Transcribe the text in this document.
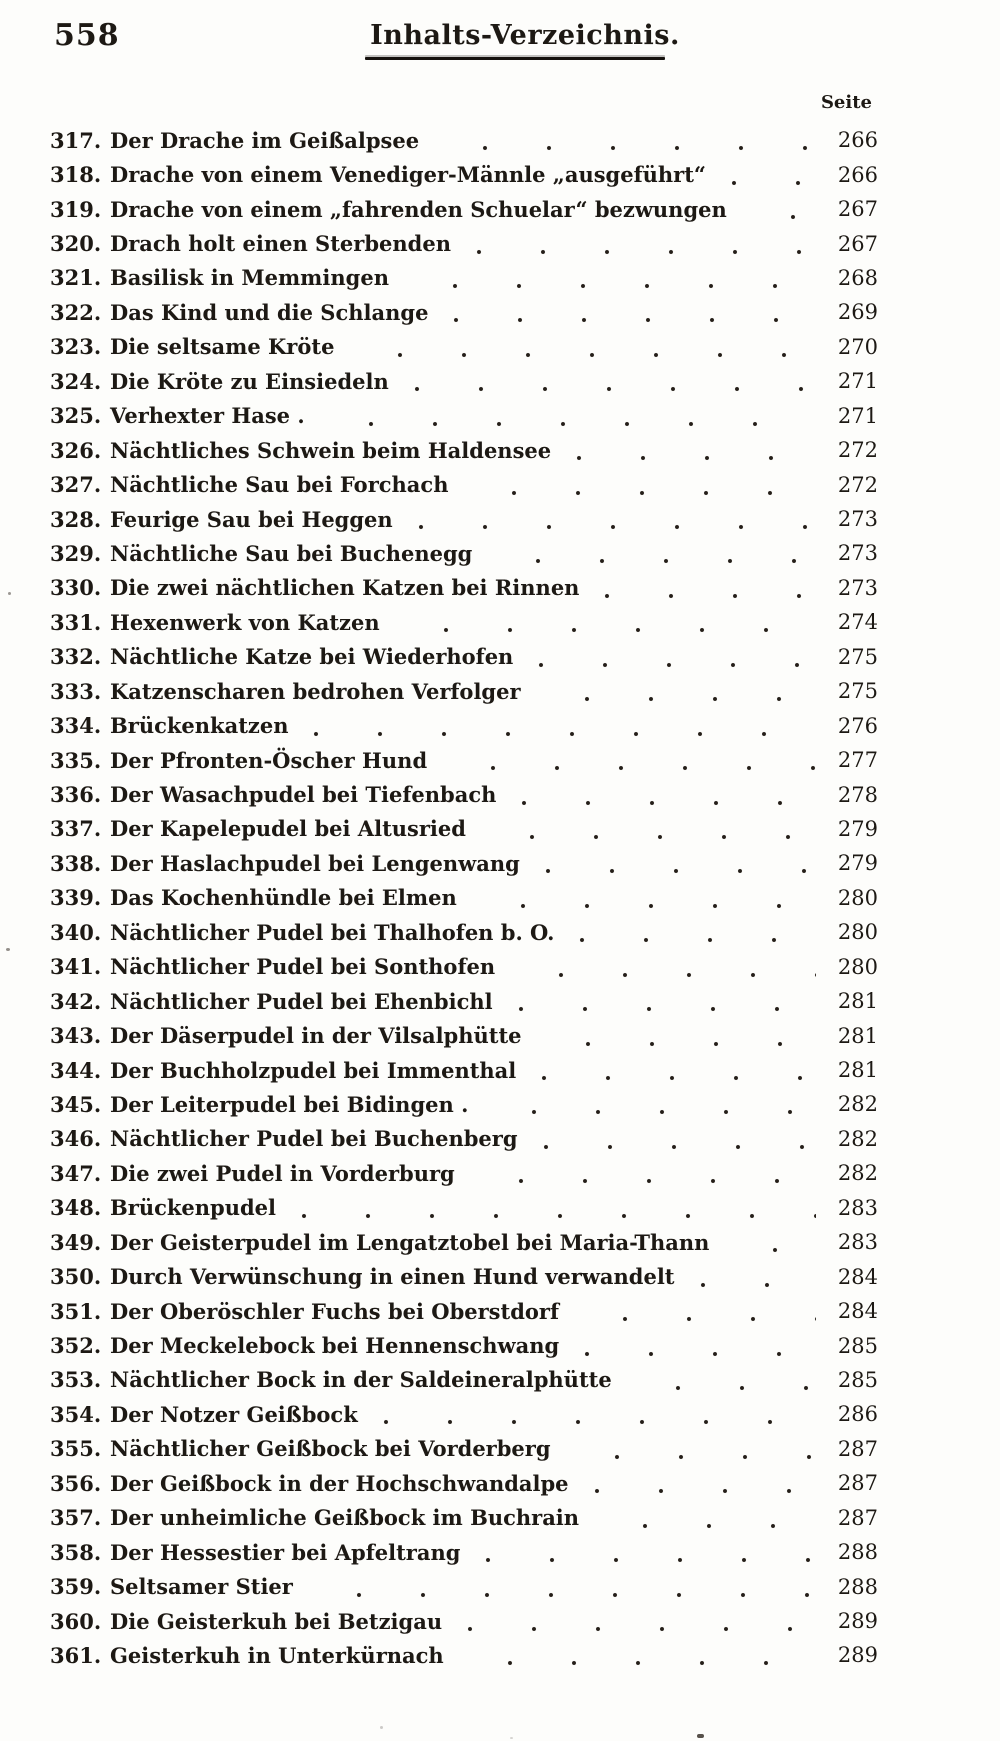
558	Inhalts-Verzeichnis.
Seite
317. Der Drache im Geißalpsee	266
318. Drache von einem Venediger-Männle „ausgeführt“	266
319. Drache von einem „fahrenden Schuelar“ bezwungen	267
320. Drach holt einen Sterbenden	267
321. Basilisk in Memmingen	268
322. Das Kind und die Schlange	269
323. Die seltsame Kröte	270
324. Die Kröte zu Einsiedeln	271
325. Verhexter Hase .	271
326. Nächtliches Schwein beim Haldensee	272
327. Nächtliche Sau bei Forchach	272
328. Feurige Sau bei Heggen	273
329. Nächtliche Sau bei Buchenegg	273
330. Die zwei nächtlichen Katzen bei Rinnen	273
331. Hexenwerk von Katzen	274
332. Nächtliche Katze bei Wiederhofen	275
333. Katzenscharen bedrohen Verfolger	275
334. Brückenkatzen	276
335. Der Pfronten-Öscher Hund	277
336. Der Wasachpudel bei Tiefenbach	278
337. Der Kapelepudel bei Altusried	279
338. Der Haslachpudel bei Lengenwang	279
339. Das Kochenhündle bei Elmen	280
340. Nächtlicher Pudel bei Thalhofen b. O.	280
341. Nächtlicher Pudel bei Sonthofen	280
342. Nächtlicher Pudel bei Ehenbichl	281
343. Der Däserpudel in der Vilsalphütte	281
344. Der Buchholzpudel bei Immenthal	281
345. Der Leiterpudel bei Bidingen .	282
346. Nächtlicher Pudel bei Buchenberg	282
347. Die zwei Pudel in Vorderburg	282
348. Brückenpudel	283
349. Der Geisterpudel im Lengatztobel bei Maria-Thann	283
350. Durch Verwünschung in einen Hund verwandelt	284
351. Der Oberöschler Fuchs bei Oberstdorf	284
352. Der Meckelebock bei Hennenschwang	285
353. Nächtlicher Bock in der Saldeineralphütte	285
354. Der Notzer Geißbock	286
355. Nächtlicher Geißbock bei Vorderberg	287
356. Der Geißbock in der Hochschwandalpe	287
357. Der unheimliche Geißbock im Buchrain	287
358. Der Hessestier bei Apfeltrang	288
359. Seltsamer Stier	288
360. Die Geisterkuh bei Betzigau	289
361. Geisterkuh in Unterkürnach	289
